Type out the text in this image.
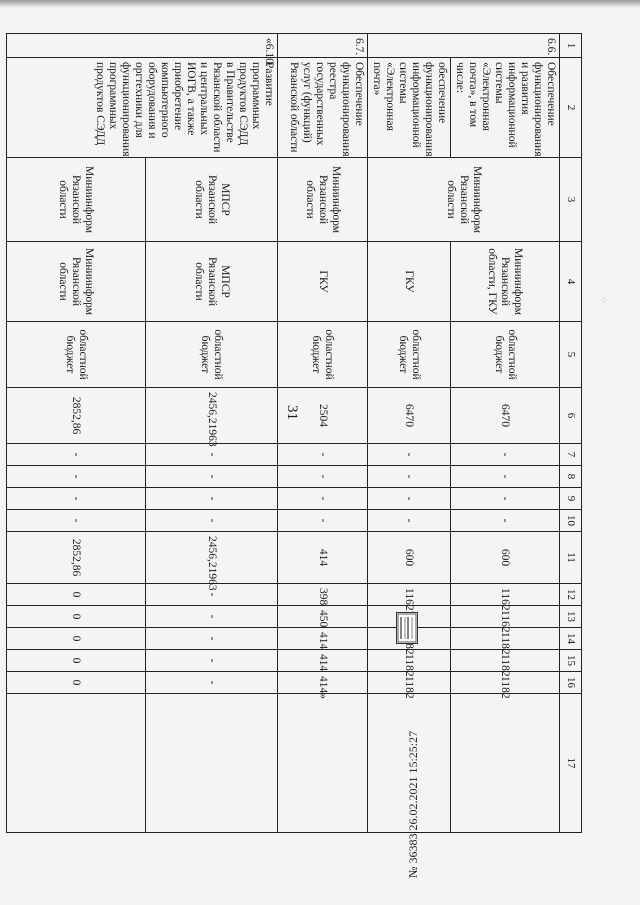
31
⁘
1	2	3	4	5	6	7	8	9	10	11	12	13	14	15	16	17
6.6.	Обеспечение функционирования и развития информационной системы «Электронная почта», в том числе:	Миниинформ Рязанской области	Миниинформ Рязанской области, ГКУ	областной бюджет	6470	-	-	-	-	600	1162	1162	1182	1182	1182	
	обеспечение функционирования информационной системы «Электронная почта»		ГКУ	областной бюджет	6470	-	-	-	-	600	1162			1182	1182	
6.7.	Обеспечение функционирования реестра государственных услуг (функций) Рязанской области	Миниинформ Рязанской области	ГКУ	областной бюджет	2504	-	-	-	-	414	398	450	414	414	414»	
«6.10.	Развитие программных продуктов СЭДД в Правительстве Рязанской области и центральных ИОГВ, а также приобретение компьютерного оборудования и оргтехники для функционирования программных продуктов СЭДД	МПСР Рязанской области	МПСР Рязанской области	областной бюджет	2456,21963	-	-	-	-	2456,21963	-	-	-	-	-	
		Миниинформ Рязанской области	Миниинформ Рязанской области	областной бюджет	2852,86	-	-	-	-	2852,86	0	0	0	0	0	
№ 36383 26.02.2021 15:25:27
